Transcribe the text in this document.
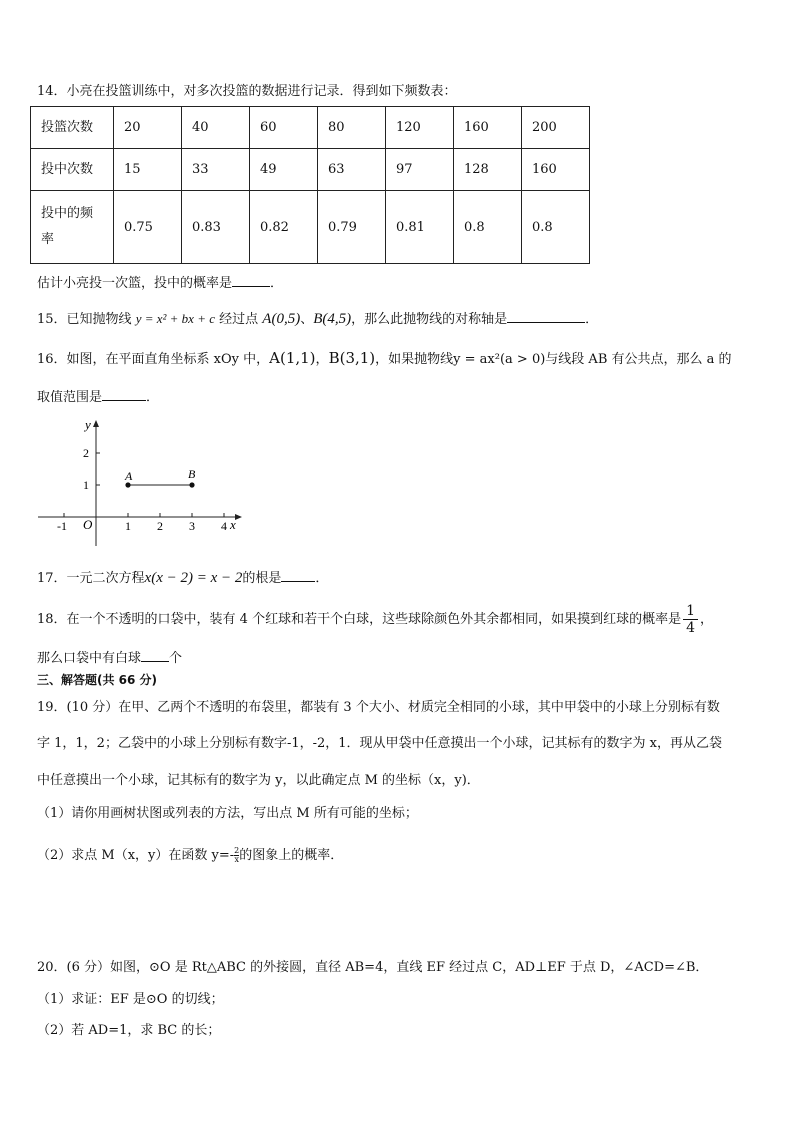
14．小亮在投篮训练中，对多次投篮的数据进行记录．得到如下频数表：
投篮次数	20	40	60	80	120	160	200
投中次数	15	33	49	63	97	128	160
投中的频
率	0.75	0.83	0.82	0.79	0.81	0.8	0.8
估计小亮投一次篮，投中的概率是	．
15．已知抛物线 y = x² + bx + c 经过点 A(0,5)、B(4,5)，那么此抛物线的对称轴是	．
16．如图，在平面直角坐标系 xOy 中，A(1,1)，B(3,1)，如果抛物线y = ax²(a > 0)与线段 AB 有公共点，那么 a 的
取值范围是	．
y
x
O
-1	1 2 3 4
1
2
A	B
17．一元二次方程x(x − 2) = x − 2的根是	．
18．在一个不透明的口袋中，装有 4 个红球和若干个白球，这些球除颜色外其余都相同，如果摸到红球的概率是 $\frac{1}{4}$ ，
那么口袋中有白球 个
三、解答题(共 66 分)
19．(10 分）在甲、乙两个不透明的布袋里，都装有 3 个大小、材质完全相同的小球，其中甲袋中的小球上分别标有数
字 1，1，2；乙袋中的小球上分别标有数字-1，-2，1．现从甲袋中任意摸出一个小球，记其标有的数字为 x，再从乙袋
中任意摸出一个小球，记其标有的数字为 y，以此确定点 M 的坐标（x，y)．
（1）请你用画树状图或列表的方法，写出点 M 所有可能的坐标；
（2）求点 M（x，y）在函数 $y=- \frac{2}{x}$ 的图象上的概率．
20．(6 分）如图，⊙O 是 Rt△ABC 的外接圆，直径 AB=4，直线 EF 经过点 C，AD⊥EF 于点 D，∠ACD=∠B．
（1）求证：EF 是⊙O 的切线；
（2）若 AD=1，求 BC 的长；
